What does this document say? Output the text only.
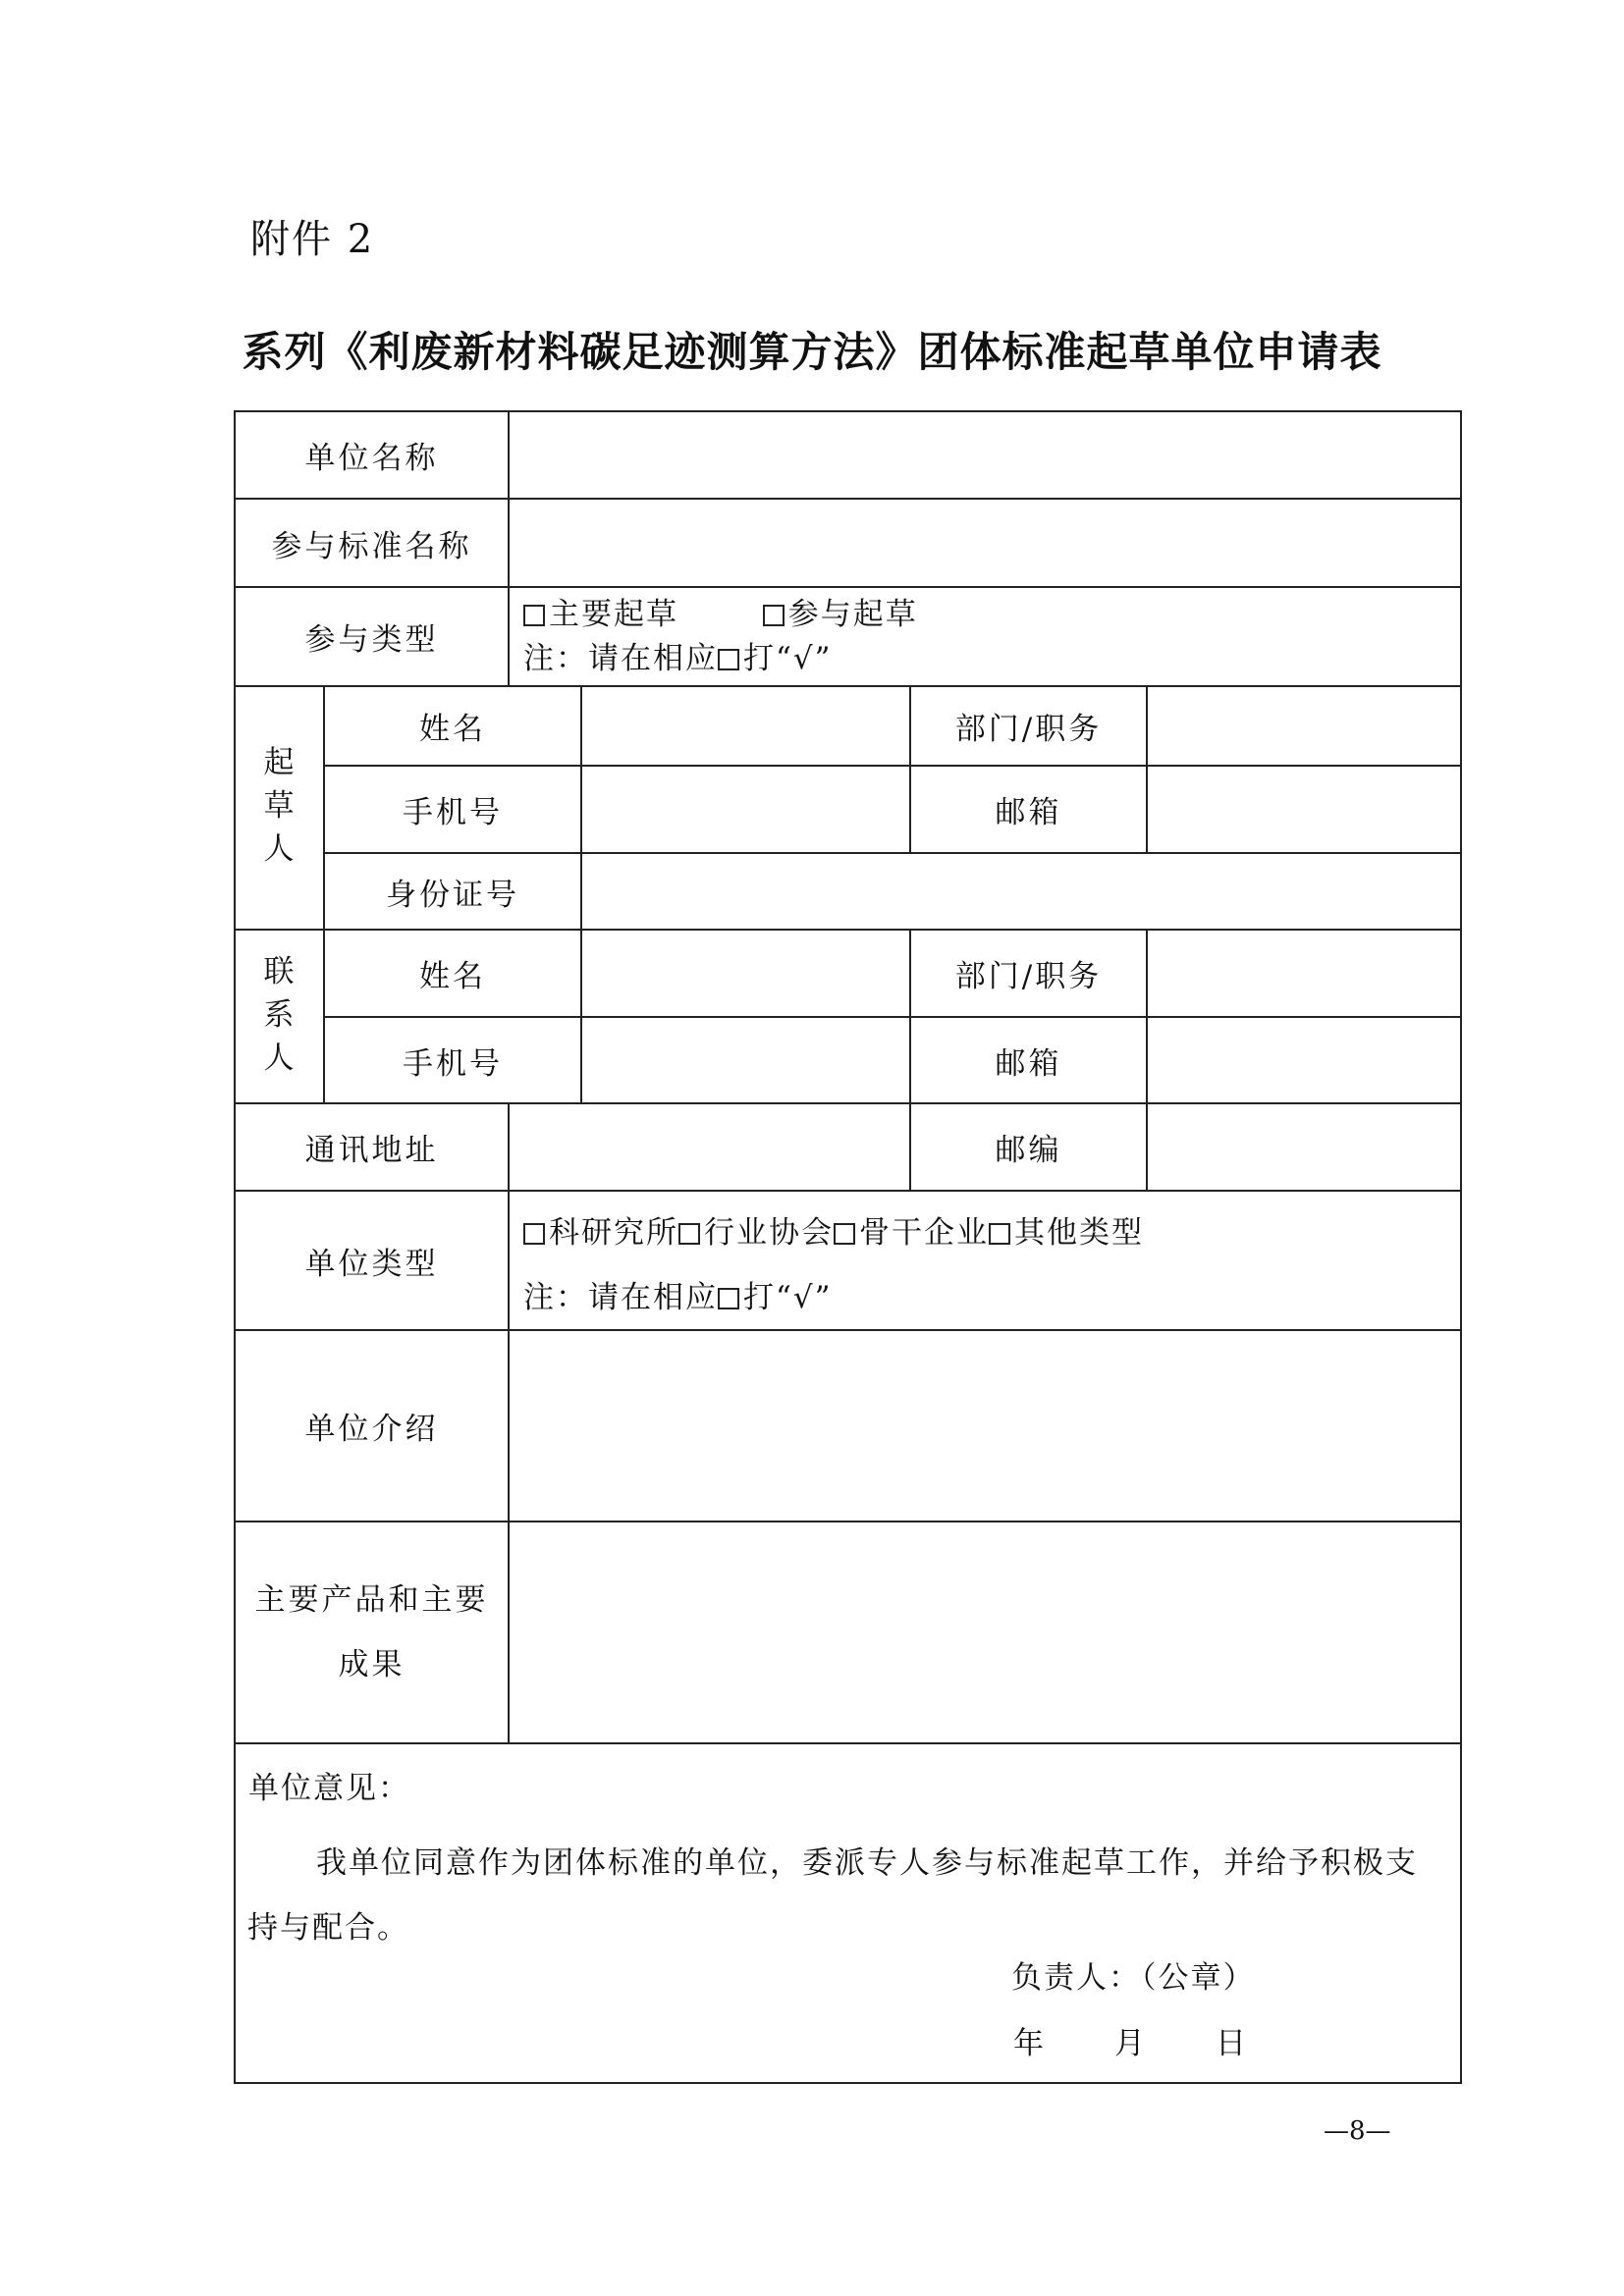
附件 2
系列《利废新材料碳足迹测算方法》团体标准起草单位申请表
单位名称
参与标准名称
参与类型
主要起草	参与起草
注：请在相应 打“√”
起
草
人
姓名	部门/职务
手机号	邮箱
身份证号
联
系
人
姓名	部门/职务
手机号	邮箱
通讯地址	邮编
单位类型
科研究所 行业协会 骨干企业 其他类型
注：请在相应 打“√”
单位介绍
主要产品和主要
成果
单位意见：
我单位同意作为团体标准的单位，委派专人参与标准起草工作，并给予积极支持与配合。
负责人：（公章）
年 月 日
—8—
